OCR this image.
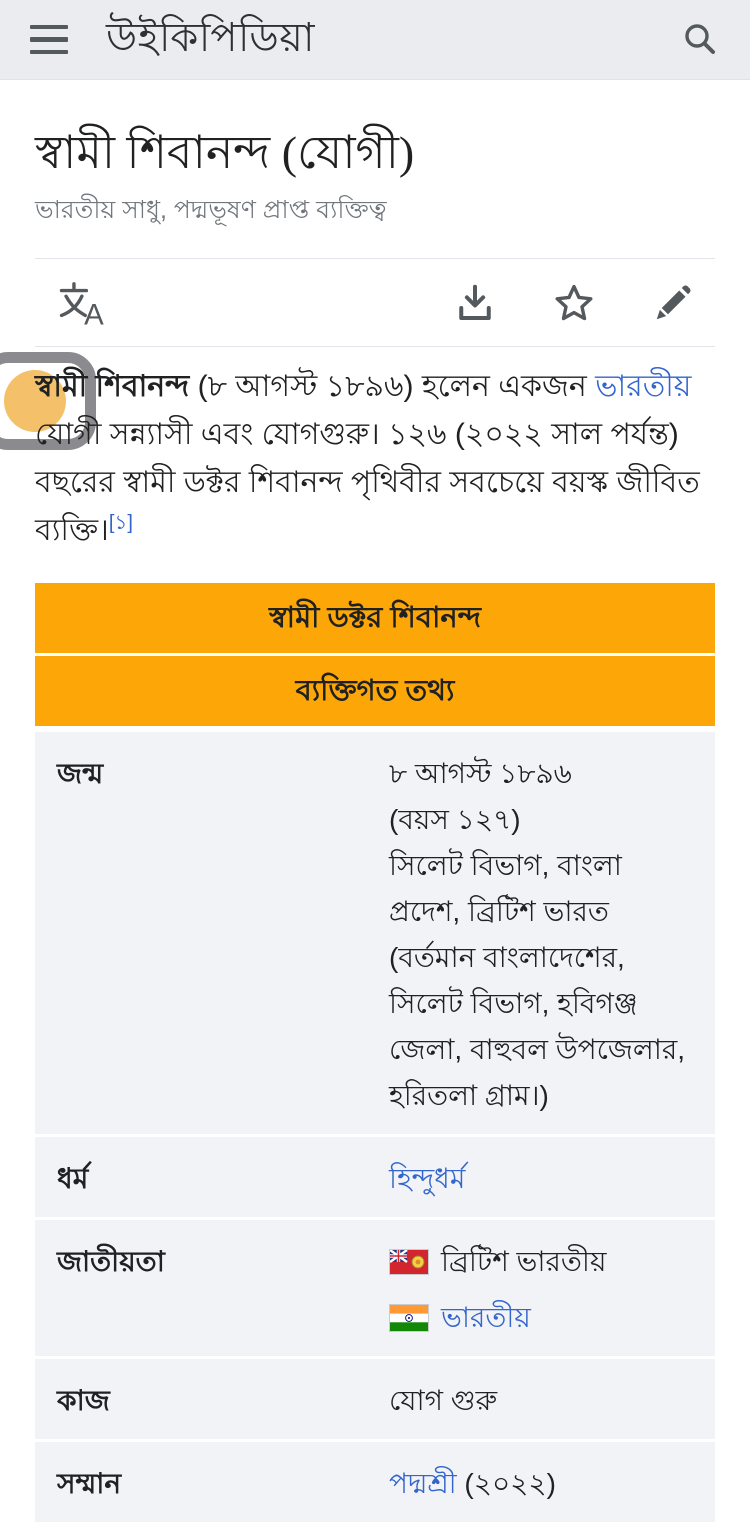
উইকিপিডিয়া
স্বামী শিবানন্দ (যোগী)
ভারতীয় সাধু, পদ্মভূষণ প্রাপ্ত ব্যক্তিত্ব
A

স্বামী শিবানন্দ (৮ আগস্ট ১৮৯৬) হলেন একজন ভারতীয় যোগী সন্ন্যাসী এবং যোগগুরু। ১২৬ (২০২২ সাল পর্যন্ত) বছরের স্বামী ডক্টর শিবানন্দ পৃথিবীর সবচেয়ে বয়স্ক জীবিত ব্যক্তি।[১]

স্বামী ডক্টর শিবানন্দ
ব্যক্তিগত তথ্য
জন্ম	৮ আগস্ট ১৮৯৬
(বয়স ১২৭)
সিলেট বিভাগ, বাংলা প্রদেশ, ব্রিটিশ ভারত (বর্তমান বাংলাদেশের, সিলেট বিভাগ, হবিগঞ্জ জেলা, বাহুবল উপজেলার, হরিতলা গ্রাম।)
ধর্ম	হিন্দুধর্ম
জাতীয়তা	ব্রিটিশ ভারতীয়
ভারতীয়
কাজ	যোগ গুরু
সম্মান	পদ্মশ্রী (২০২২)
